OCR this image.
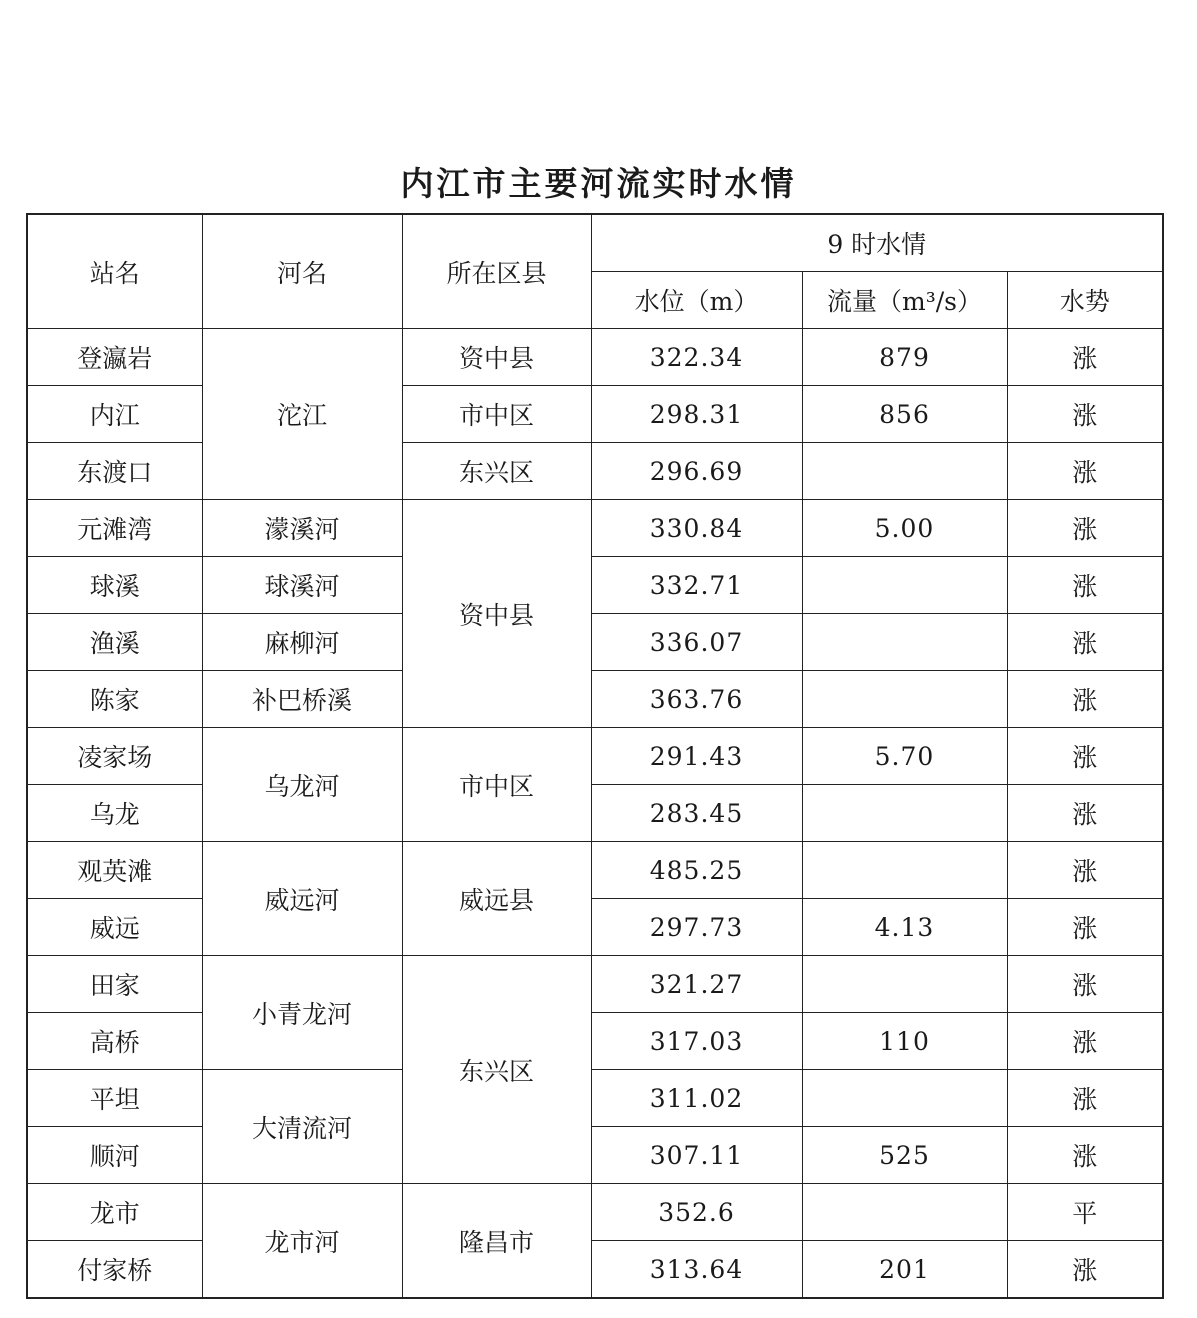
内江市主要河流实时水情
站名	河名	所在区县	9 时水情		
			水位（m）	流量（m³/s）	水势
登瀛岩	沱江	资中县	322.34	879	涨
内江		市中区	298.31	856	涨
东渡口		东兴区	296.69		涨
元滩湾	濛溪河	资中县	330.84	5.00	涨
球溪	球溪河		332.71		涨
渔溪	麻柳河		336.07		涨
陈家	补巴桥溪		363.76		涨
凌家场	乌龙河	市中区	291.43	5.70	涨
乌龙			283.45		涨
观英滩	威远河	威远县	485.25		涨
威远			297.73	4.13	涨
田家	小青龙河	东兴区	321.27		涨
高桥			317.03	110	涨
平坦	大清流河		311.02		涨
顺河			307.11	525	涨
龙市	龙市河	隆昌市	352.6		平
付家桥			313.64	201	涨
